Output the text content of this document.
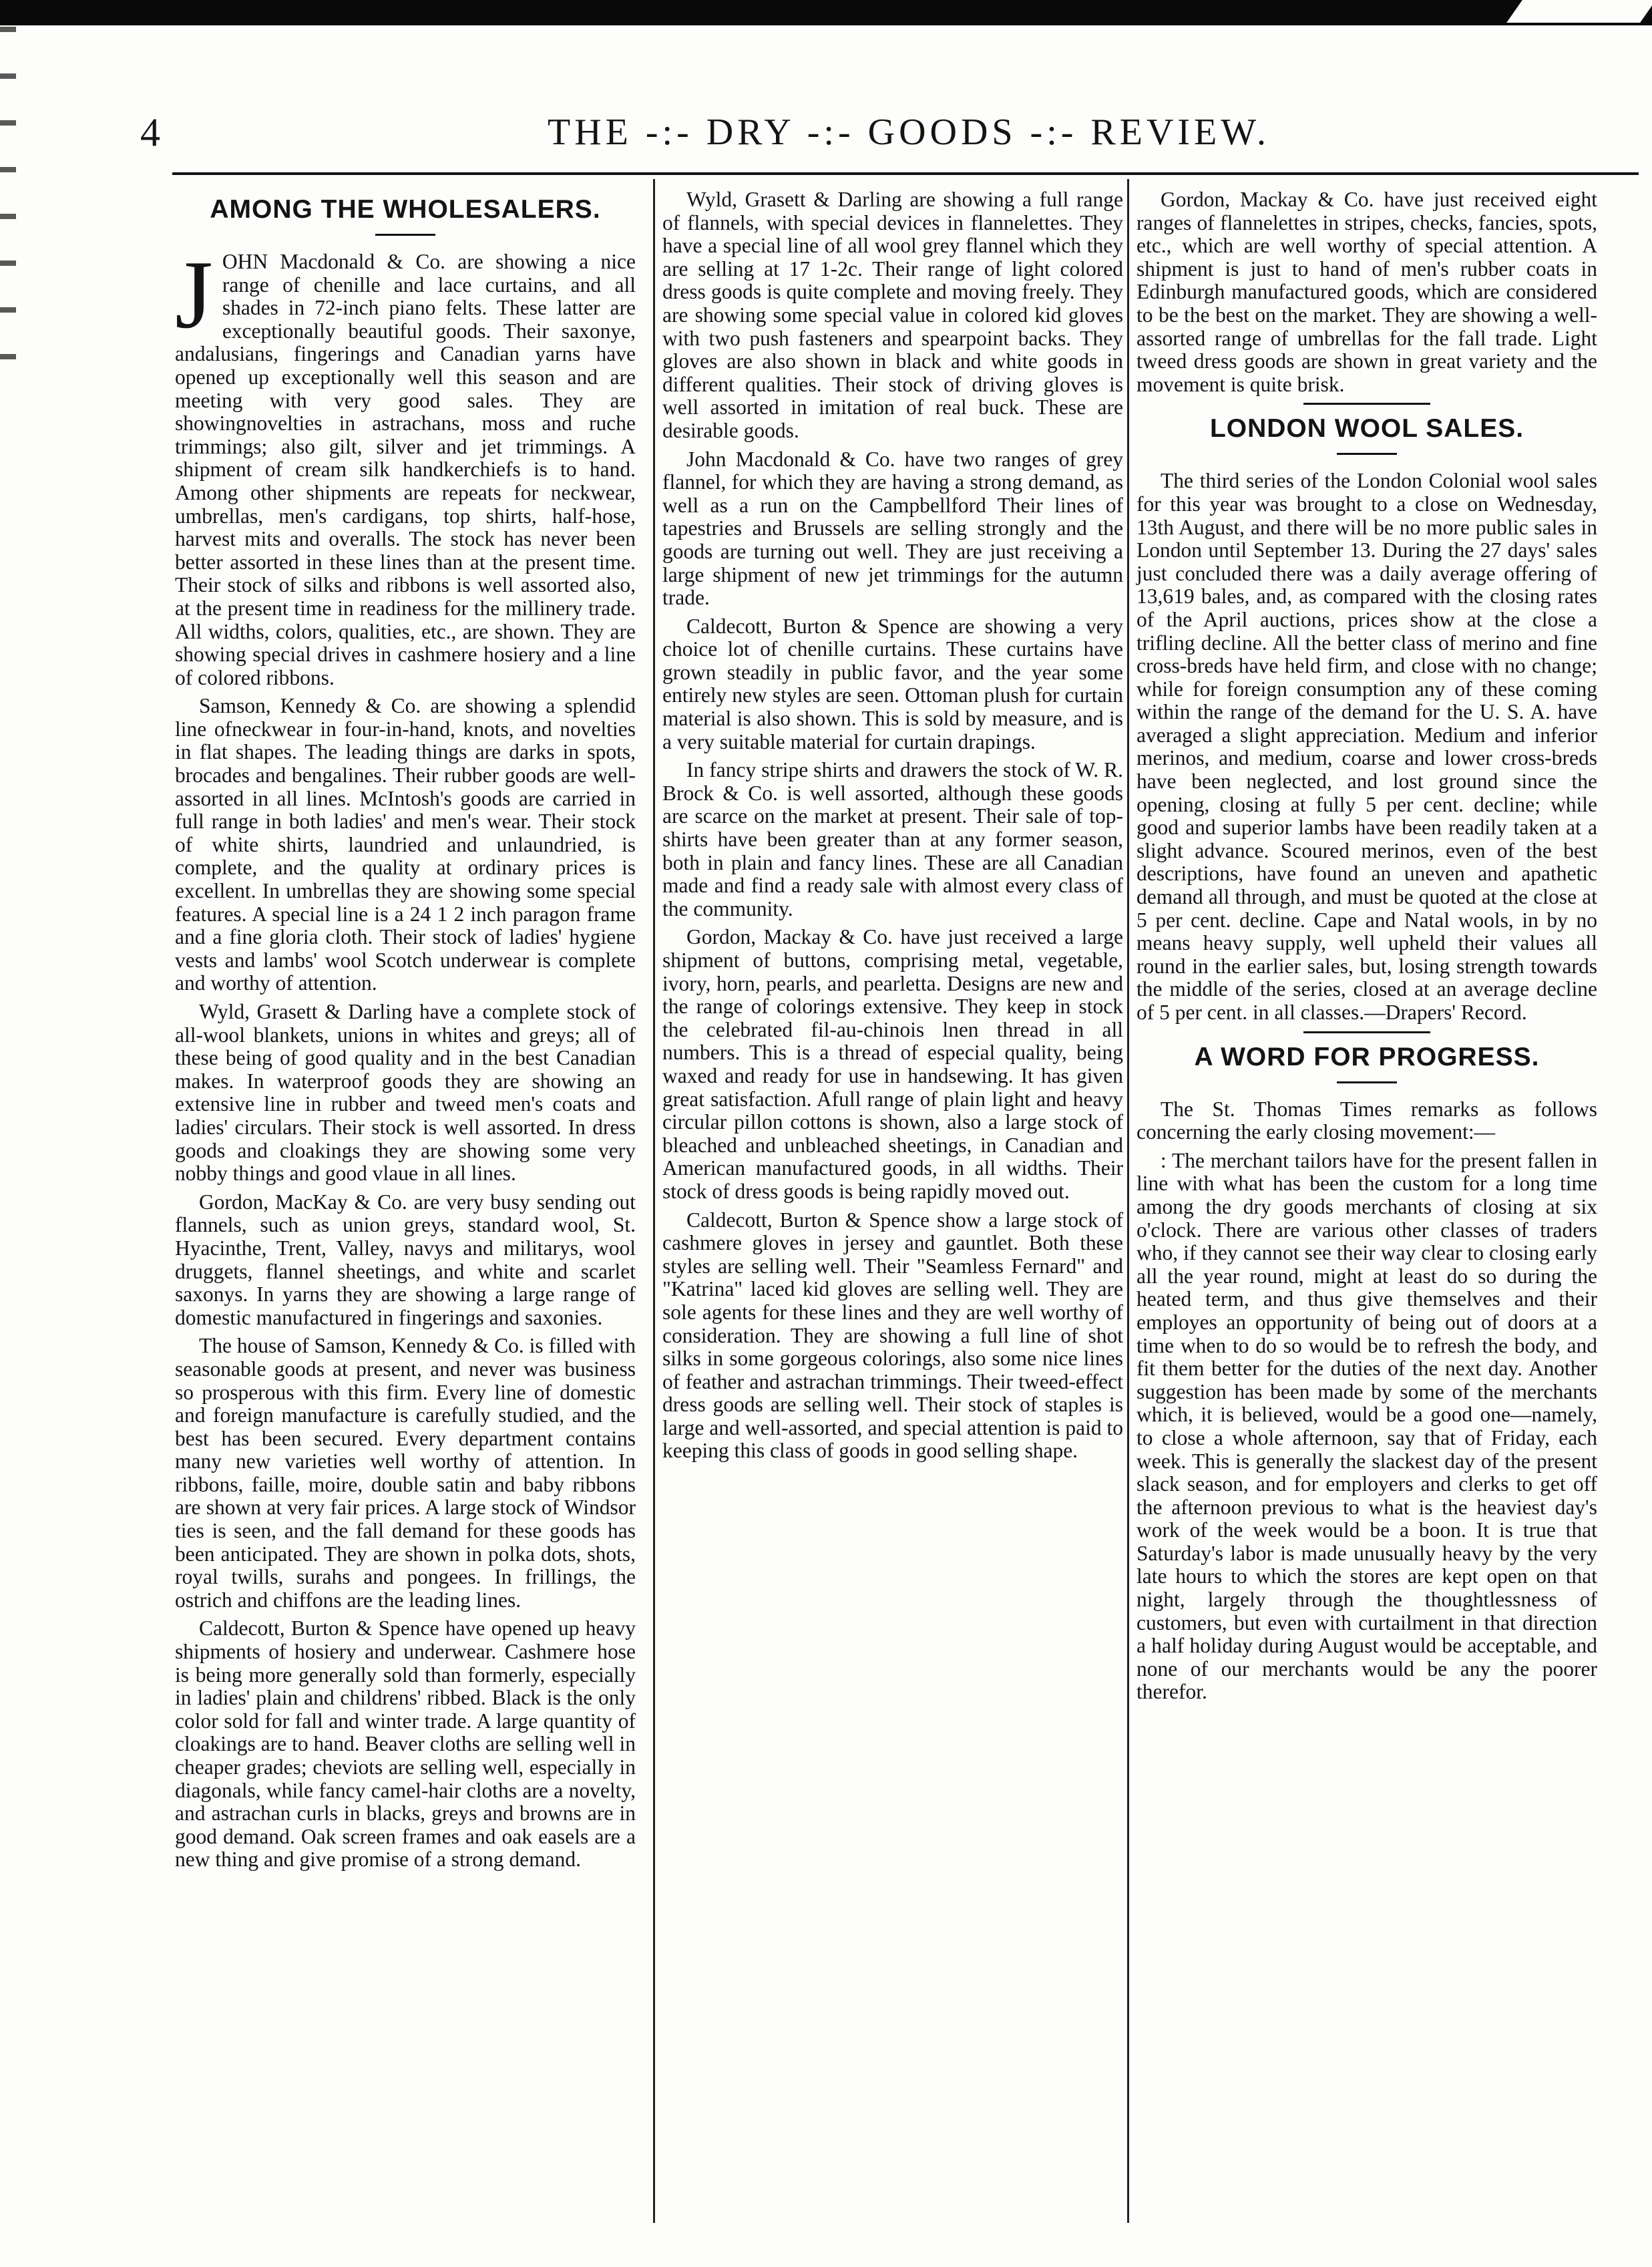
4	THE -:- DRY -:- GOODS -:- REVIEW.
AMONG THE WHOLESALERS.

JOHN Macdonald & Co. are showing a nice range of chenille and lace curtains, and all shades in 72-inch piano felts. These latter are exceptionally beautiful goods. Their saxonye, andalusians, fingerings and Canadian yarns have opened up exceptionally well this season and are meeting with very good sales. They are showingnovelties in astrachans, moss and ruche trimmings; also gilt, silver and jet trimmings. A shipment of cream silk handkerchiefs is to hand. Among other shipments are repeats for neckwear, umbrellas, men's cardigans, top shirts, half-hose, harvest mits and overalls. The stock has never been better assorted in these lines than at the present time. Their stock of silks and ribbons is well assorted also, at the present time in readiness for the millinery trade. All widths, colors, qualities, etc., are shown. They are showing special drives in cashmere hosiery and a line of colored ribbons.

Samson, Kennedy & Co. are showing a splendid line ofneckwear in four-in-hand, knots, and novelties in flat shapes. The leading things are darks in spots, brocades and bengalines. Their rubber goods are well-assorted in all lines. McIntosh's goods are carried in full range in both ladies' and men's wear. Their stock of white shirts, laundried and unlaundried, is complete, and the quality at ordinary prices is excellent. In umbrellas they are showing some special features. A special line is a 24 1 2 inch paragon frame and a fine gloria cloth. Their stock of ladies' hygiene vests and lambs' wool Scotch underwear is complete and worthy of attention.

Wyld, Grasett & Darling have a complete stock of all-wool blankets, unions in whites and greys; all of these being of good quality and in the best Canadian makes. In waterproof goods they are showing an extensive line in rubber and tweed men's coats and ladies' circulars. Their stock is well assorted. In dress goods and cloakings they are showing some very nobby things and good vlaue in all lines.

Gordon, MacKay & Co. are very busy sending out flannels, such as union greys, standard wool, St. Hyacinthe, Trent, Valley, navys and militarys, wool druggets, flannel sheetings, and white and scarlet saxonys. In yarns they are showing a large range of domestic manufactured in fingerings and saxonies.

The house of Samson, Kennedy & Co. is filled with seasonable goods at present, and never was business so prosperous with this firm. Every line of domestic and foreign manufacture is carefully studied, and the best has been secured. Every department contains many new varieties well worthy of attention. In ribbons, faille, moire, double satin and baby ribbons are shown at very fair prices. A large stock of Windsor ties is seen, and the fall demand for these goods has been anticipated. They are shown in polka dots, shots, royal twills, surahs and pongees. In frillings, the ostrich and chiffons are the leading lines.

Caldecott, Burton & Spence have opened up heavy shipments of hosiery and underwear. Cashmere hose is being more generally sold than formerly, especially in ladies' plain and childrens' ribbed. Black is the only color sold for fall and winter trade. A large quantity of cloakings are to hand. Beaver cloths are selling well in cheaper grades; cheviots are selling well, especially in diagonals, while fancy camel-hair cloths are a novelty, and astrachan curls in blacks, greys and browns are in good demand. Oak screen frames and oak easels are a new thing and give promise of a strong demand.

Wyld, Grasett & Darling are showing a full range of flannels, with special devices in flannelettes. They have a special line of all wool grey flannel which they are selling at 17 1-2c. Their range of light colored dress goods is quite complete and moving freely. They are showing some special value in colored kid gloves with two push fasteners and spearpoint backs. They gloves are also shown in black and white goods in different qualities. Their stock of driving gloves is well assorted in imitation of real buck. These are desirable goods.

John Macdonald & Co. have two ranges of grey flannel, for which they are having a strong demand, as well as a run on the Campbellford Their lines of tapestries and Brussels are selling strongly and the goods are turning out well. They are just receiving a large shipment of new jet trimmings for the autumn trade.

Caldecott, Burton & Spence are showing a very choice lot of chenille curtains. These curtains have grown steadily in public favor, and the year some entirely new styles are seen. Ottoman plush for curtain material is also shown. This is sold by measure, and is a very suitable material for curtain drapings.

In fancy stripe shirts and drawers the stock of W. R. Brock & Co. is well assorted, although these goods are scarce on the market at present. Their sale of top-shirts have been greater than at any former season, both in plain and fancy lines. These are all Canadian made and find a ready sale with almost every class of the community.

Gordon, Mackay & Co. have just received a large shipment of buttons, comprising metal, vegetable, ivory, horn, pearls, and pearletta. Designs are new and the range of colorings extensive. They keep in stock the celebrated fil-au-chinois lnen thread in all numbers. This is a thread of especial quality, being waxed and ready for use in handsewing. It has given great satisfaction. Afull range of plain light and heavy circular pillon cottons is shown, also a large stock of bleached and unbleached sheetings, in Canadian and American manufactured goods, in all widths. Their stock of dress goods is being rapidly moved out.

Caldecott, Burton & Spence show a large stock of cashmere gloves in jersey and gauntlet. Both these styles are selling well. Their "Seamless Fernard" and "Katrina" laced kid gloves are selling well. They are sole agents for these lines and they are well worthy of consideration. They are showing a full line of shot silks in some gorgeous colorings, also some nice lines of feather and astrachan trimmings. Their tweed-effect dress goods are selling well. Their stock of staples is large and well-assorted, and special attention is paid to keeping this class of goods in good selling shape.

Gordon, Mackay & Co. have just received eight ranges of flannelettes in stripes, checks, fancies, spots, etc., which are well worthy of special attention. A shipment is just to hand of men's rubber coats in Edinburgh manufactured goods, which are considered to be the best on the market. They are showing a well-assorted range of umbrellas for the fall trade. Light tweed dress goods are shown in great variety and the movement is quite brisk.

LONDON WOOL SALES.

The third series of the London Colonial wool sales for this year was brought to a close on Wednesday, 13th August, and there will be no more public sales in London until September 13. During the 27 days' sales just concluded there was a daily average offering of 13,619 bales, and, as compared with the closing rates of the April auctions, prices show at the close a trifling decline. All the better class of merino and fine cross-breds have held firm, and close with no change; while for foreign consumption any of these coming within the range of the demand for the U. S. A. have averaged a slight appreciation. Medium and inferior merinos, and medium, coarse and lower cross-breds have been neglected, and lost ground since the opening, closing at fully 5 per cent. decline; while good and superior lambs have been readily taken at a slight advance. Scoured merinos, even of the best descriptions, have found an uneven and apathetic demand all through, and must be quoted at the close at 5 per cent. decline. Cape and Natal wools, in by no means heavy supply, well upheld their values all round in the earlier sales, but, losing strength towards the middle of the series, closed at an average decline of 5 per cent. in all classes.—Drapers' Record.

A WORD FOR PROGRESS.

The St. Thomas Times remarks as follows concerning the early closing movement:—

: The merchant tailors have for the present fallen in line with what has been the custom for a long time among the dry goods merchants of closing at six o'clock. There are various other classes of traders who, if they cannot see their way clear to closing early all the year round, might at least do so during the heated term, and thus give themselves and their employes an opportunity of being out of doors at a time when to do so would be to refresh the body, and fit them better for the duties of the next day. Another suggestion has been made by some of the merchants which, it is believed, would be a good one—namely, to close a whole afternoon, say that of Friday, each week. This is generally the slackest day of the present slack season, and for employers and clerks to get off the afternoon previous to what is the heaviest day's work of the week would be a boon. It is true that Saturday's labor is made unusually heavy by the very late hours to which the stores are kept open on that night, largely through the thoughtlessness of customers, but even with curtailment in that direction a half holiday during August would be acceptable, and none of our merchants would be any the poorer therefor.
